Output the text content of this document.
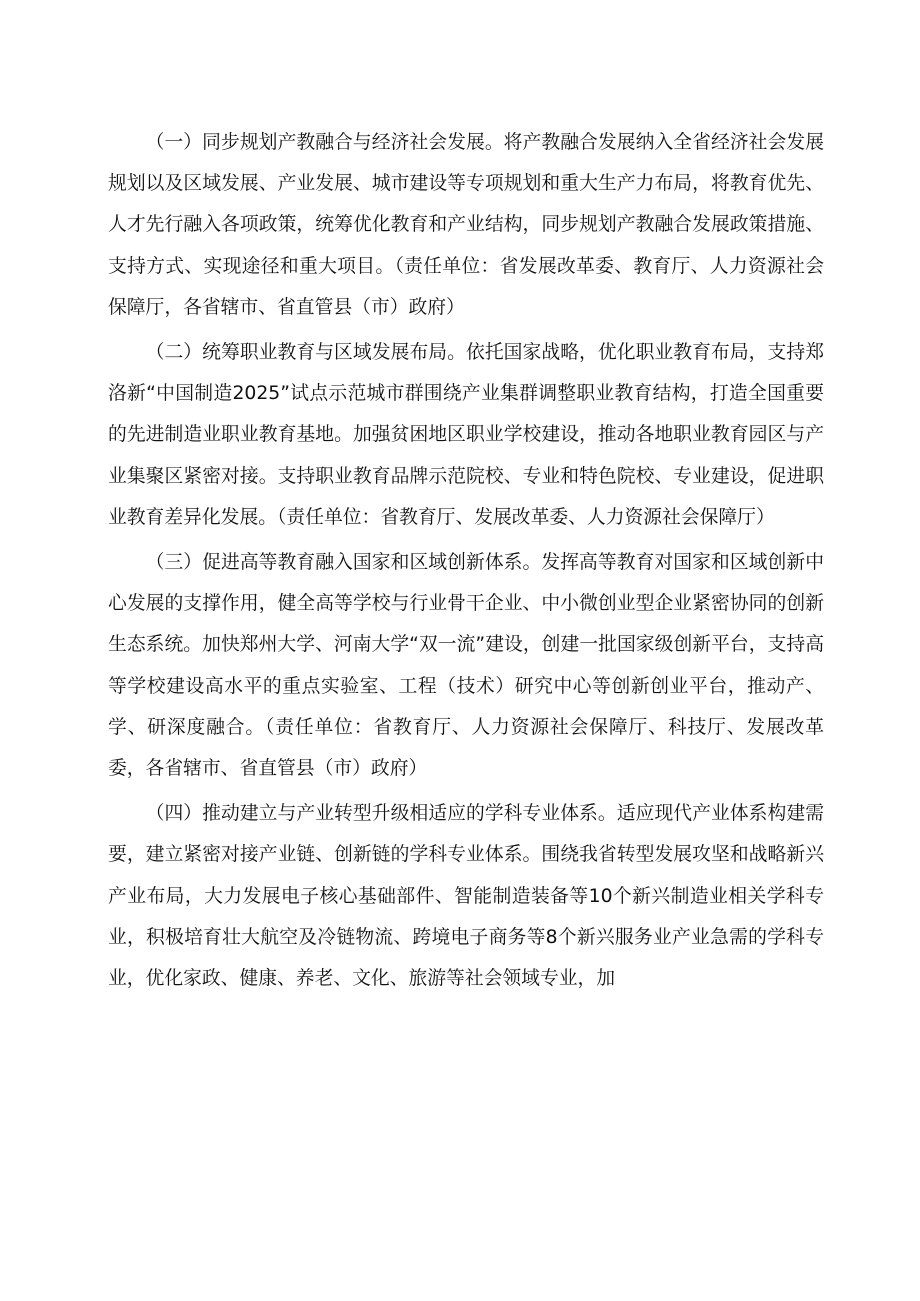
（一）同步规划产教融合与经济社会发展。将产教融合发展纳入全省经济社会发展规划以及区域发展、产业发展、城市建设等专项规划和重大生产力布局，将教育优先、人才先行融入各项政策，统筹优化教育和产业结构，同步规划产教融合发展政策措施、支持方式、实现途径和重大项目。（责任单位：省发展改革委、教育厅、人力资源社会保障厅，各省辖市、省直管县（市）政府）

（二）统筹职业教育与区域发展布局。依托国家战略，优化职业教育布局，支持郑洛新“中国制造2025”试点示范城市群围绕产业集群调整职业教育结构，打造全国重要的先进制造业职业教育基地。加强贫困地区职业学校建设，推动各地职业教育园区与产业集聚区紧密对接。支持职业教育品牌示范院校、专业和特色院校、专业建设，促进职业教育差异化发展。（责任单位：省教育厅、发展改革委、人力资源社会保障厅）

（三）促进高等教育融入国家和区域创新体系。发挥高等教育对国家和区域创新中心发展的支撑作用，健全高等学校与行业骨干企业、中小微创业型企业紧密协同的创新生态系统。加快郑州大学、河南大学“双一流”建设，创建一批国家级创新平台，支持高等学校建设高水平的重点实验室、工程（技术）研究中心等创新创业平台，推动产、学、研深度融合。（责任单位：省教育厅、人力资源社会保障厅、科技厅、发展改革委，各省辖市、省直管县（市）政府）

（四）推动建立与产业转型升级相适应的学科专业体系。适应现代产业体系构建需要，建立紧密对接产业链、创新链的学科专业体系。围绕我省转型发展攻坚和战略新兴产业布局，大力发展电子核心基础部件、智能制造装备等10个新兴制造业相关学科专业，积极培育壮大航空及冷链物流、跨境电子商务等8个新兴服务业产业急需的学科专业，优化家政、健康、养老、文化、旅游等社会领域专业，加
